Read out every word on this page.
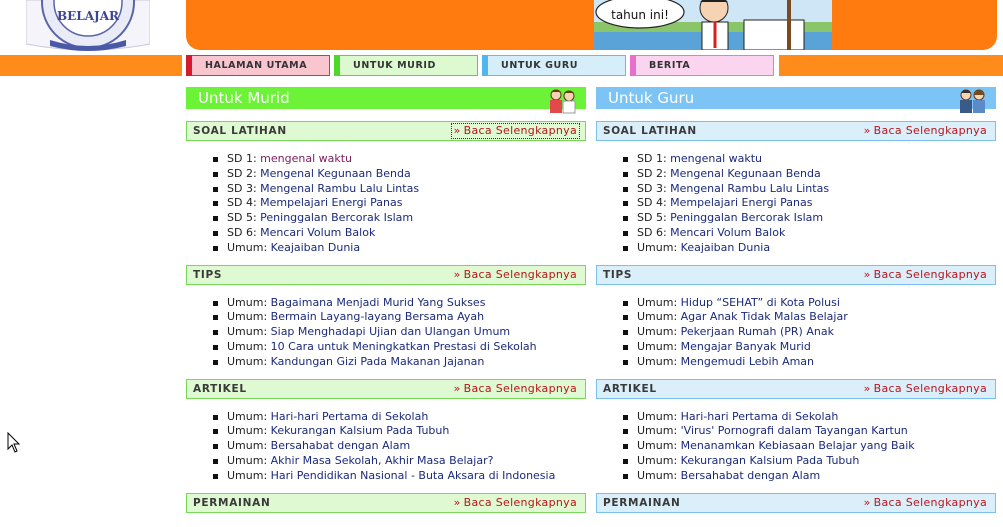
BELAJAR	tahun ini!
HALAMAN UTAMA	UNTUK MURID	UNTUK GURU	BERITA
Untuk Murid
SOAL LATIHAN	» Baca Selengkapnya
SD 1: mengenal waktu
SD 2: Mengenal Kegunaan Benda
SD 3: Mengenal Rambu Lalu Lintas
SD 4: Mempelajari Energi Panas
SD 5: Peninggalan Bercorak Islam
SD 6: Mencari Volum Balok
Umum: Keajaiban Dunia
TIPS	» Baca Selengkapnya
Umum: Bagaimana Menjadi Murid Yang Sukses
Umum: Bermain Layang-layang Bersama Ayah
Umum: Siap Menghadapi Ujian dan Ulangan Umum
Umum: 10 Cara untuk Meningkatkan Prestasi di Sekolah
Umum: Kandungan Gizi Pada Makanan Jajanan
ARTIKEL	» Baca Selengkapnya
Umum: Hari-hari Pertama di Sekolah
Umum: Kekurangan Kalsium Pada Tubuh
Umum: Bersahabat dengan Alam
Umum: Akhir Masa Sekolah, Akhir Masa Belajar?
Umum: Hari Pendidikan Nasional - Buta Aksara di Indonesia
PERMAINAN	» Baca Selengkapnya
Untuk Guru
SOAL LATIHAN	» Baca Selengkapnya
SD 1: mengenal waktu
SD 2: Mengenal Kegunaan Benda
SD 3: Mengenal Rambu Lalu Lintas
SD 4: Mempelajari Energi Panas
SD 5: Peninggalan Bercorak Islam
SD 6: Mencari Volum Balok
Umum: Keajaiban Dunia
TIPS	» Baca Selengkapnya
Umum: Hidup “SEHAT” di Kota Polusi
Umum: Agar Anak Tidak Malas Belajar
Umum: Pekerjaan Rumah (PR) Anak
Umum: Mengajar Banyak Murid
Umum: Mengemudi Lebih Aman
ARTIKEL	» Baca Selengkapnya
Umum: Hari-hari Pertama di Sekolah
Umum: 'Virus' Pornografi dalam Tayangan Kartun
Umum: Menanamkan Kebiasaan Belajar yang Baik
Umum: Kekurangan Kalsium Pada Tubuh
Umum: Bersahabat dengan Alam
PERMAINAN	» Baca Selengkapnya
